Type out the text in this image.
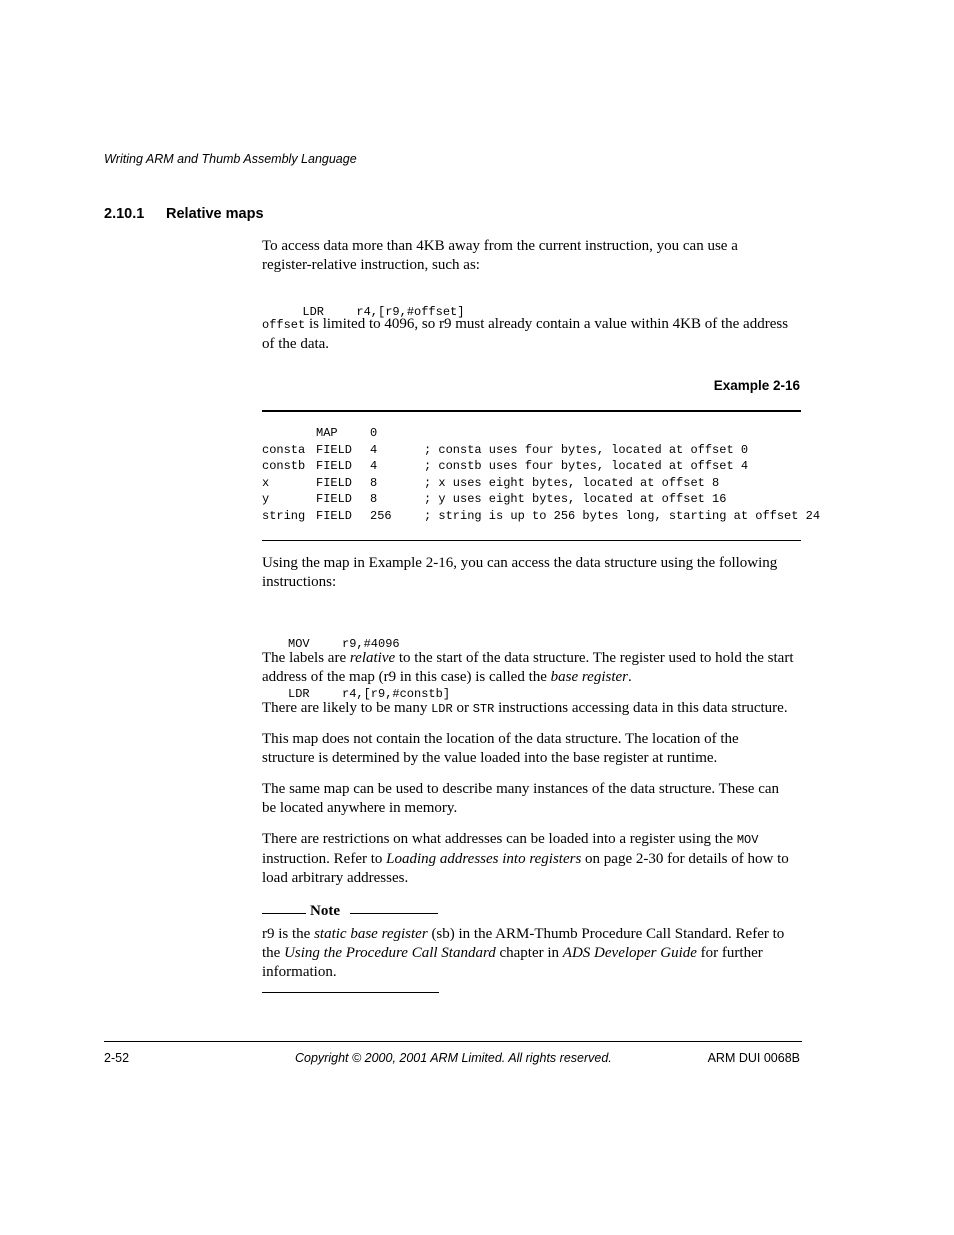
Writing ARM and Thumb Assembly Language
2.10.1 Relative maps
To access data more than 4KB away from the current instruction, you can use a
register-relative instruction, such as:

LDR	r4,[r9,#offset]

offset is limited to 4096, so r9 must already contain a value within 4KB of the address
of the data.
Example 2-16
MAP	0
consta FIELD 4	; consta uses four bytes, located at offset 0
constb FIELD 4	; constb uses four bytes, located at offset 4
x	FIELD 8	; x uses eight bytes, located at offset 8
y	FIELD 8	; y uses eight bytes, located at offset 16
string FIELD 256	; string is up to 256 bytes long, starting at offset 24
Using the map in Example 2-16, you can access the data structure using the following
instructions:

MOV	r9,#4096

LDR	r4,[r9,#constb]

The labels are relative to the start of the data structure. The register used to hold the start
address of the map (r9 in this case) is called the base register.
There are likely to be many LDR or STR instructions accessing data in this data structure.
This map does not contain the location of the data structure. The location of the
structure is determined by the value loaded into the base register at runtime.
The same map can be used to describe many instances of the data structure. These can
be located anywhere in memory.
There are restrictions on what addresses can be loaded into a register using the MOV
instruction. Refer to Loading addresses into registers on page 2-30 for details of how to
load arbitrary addresses.
Note
r9 is the static base register (sb) in the ARM-Thumb Procedure Call Standard. Refer to
the Using the Procedure Call Standard chapter in ADS Developer Guide for further
information.
2-52	Copyright © 2000, 2001 ARM Limited. All rights reserved.	ARM DUI 0068B
